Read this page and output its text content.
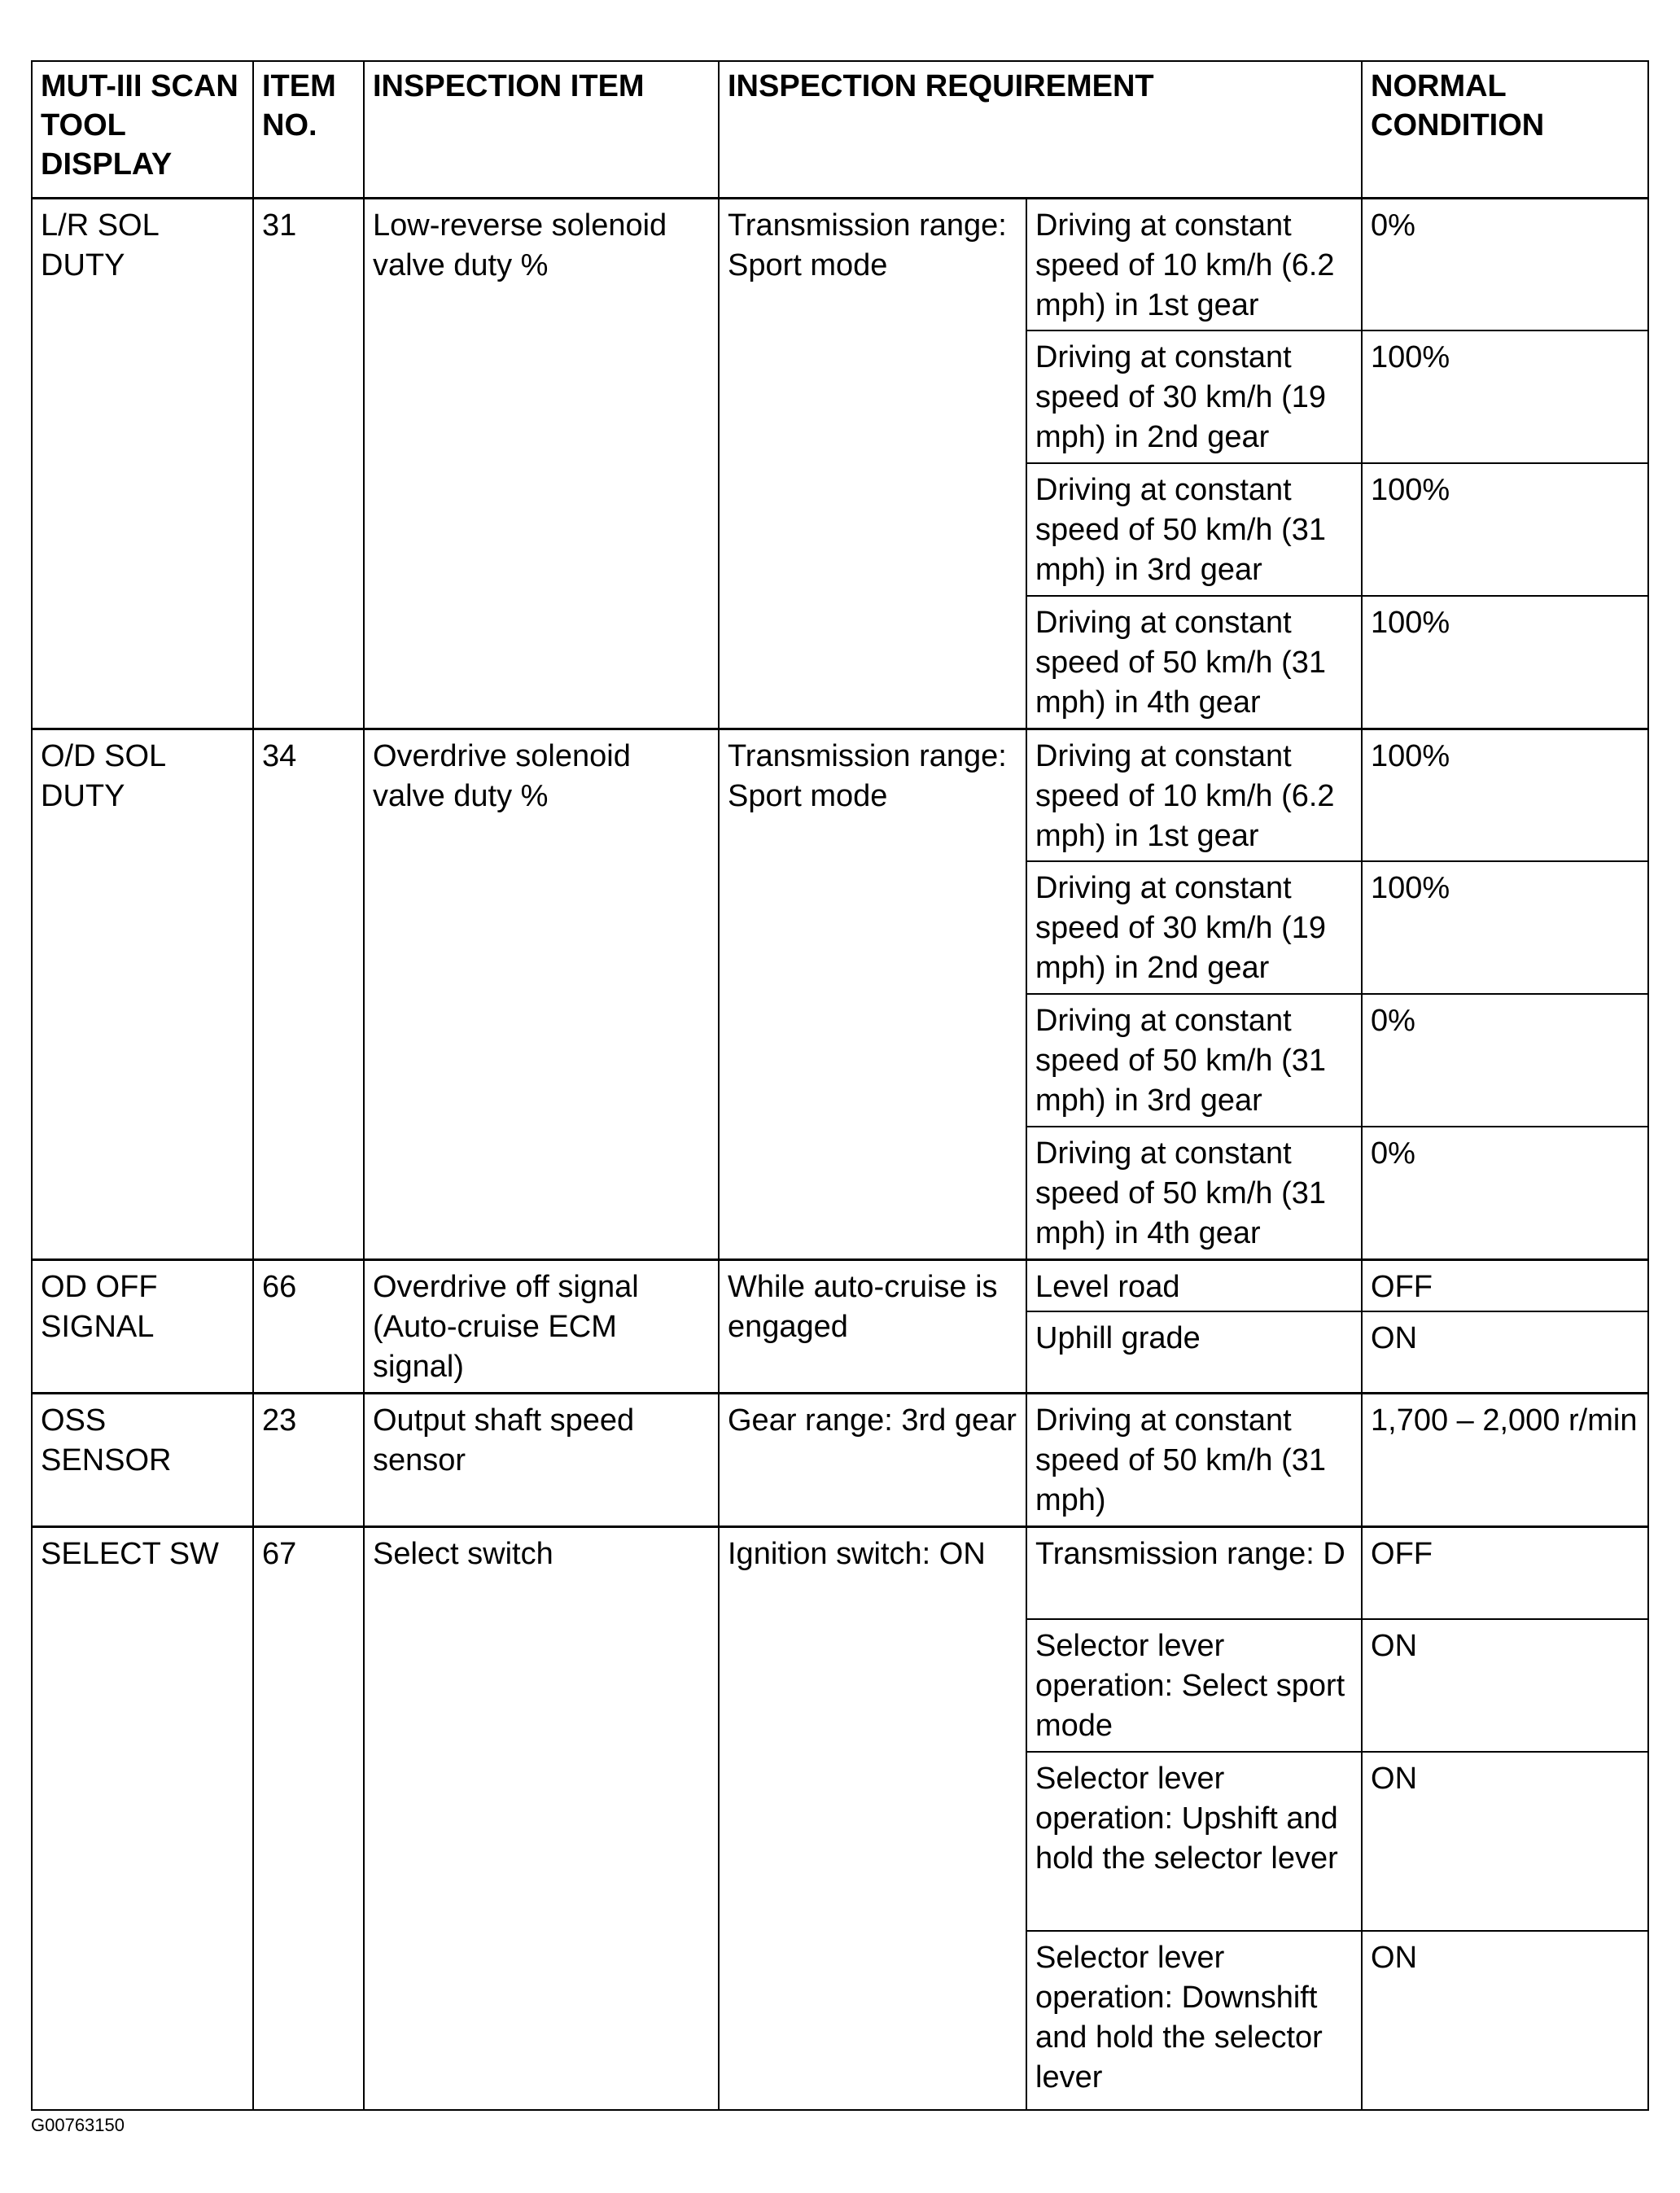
MUT-III SCAN TOOL DISPLAY	ITEM NO.	INSPECTION ITEM	INSPECTION REQUIREMENT		NORMAL CONDITION
L/R SOL DUTY	31	Low-reverse solenoid valve duty %	Transmission range: Sport mode	Driving at constant speed of 10 km/h (6.2 mph) in 1st gear	0%
				Driving at constant speed of 30 km/h (19 mph) in 2nd gear	100%
				Driving at constant speed of 50 km/h (31 mph) in 3rd gear	100%
				Driving at constant speed of 50 km/h (31 mph) in 4th gear	100%
O/D SOL DUTY	34	Overdrive solenoid valve duty %	Transmission range: Sport mode	Driving at constant speed of 10 km/h (6.2 mph) in 1st gear	100%
				Driving at constant speed of 30 km/h (19 mph) in 2nd gear	100%
				Driving at constant speed of 50 km/h (31 mph) in 3rd gear	0%
				Driving at constant speed of 50 km/h (31 mph) in 4th gear	0%
OD OFF SIGNAL	66	Overdrive off signal (Auto-cruise ECM signal)	While auto-cruise is engaged	Level road	OFF
				Uphill grade	ON
OSS SENSOR	23	Output shaft speed sensor	Gear range: 3rd gear	Driving at constant speed of 50 km/h (31 mph)	1,700 – 2,000 r/min
SELECT SW	67	Select switch	Ignition switch: ON	Transmission range: D	OFF
				Selector lever operation: Select sport mode	ON
				Selector lever operation: Upshift and hold the selector lever	ON
				Selector lever operation: Downshift and hold the selector lever	ON
G00763150
